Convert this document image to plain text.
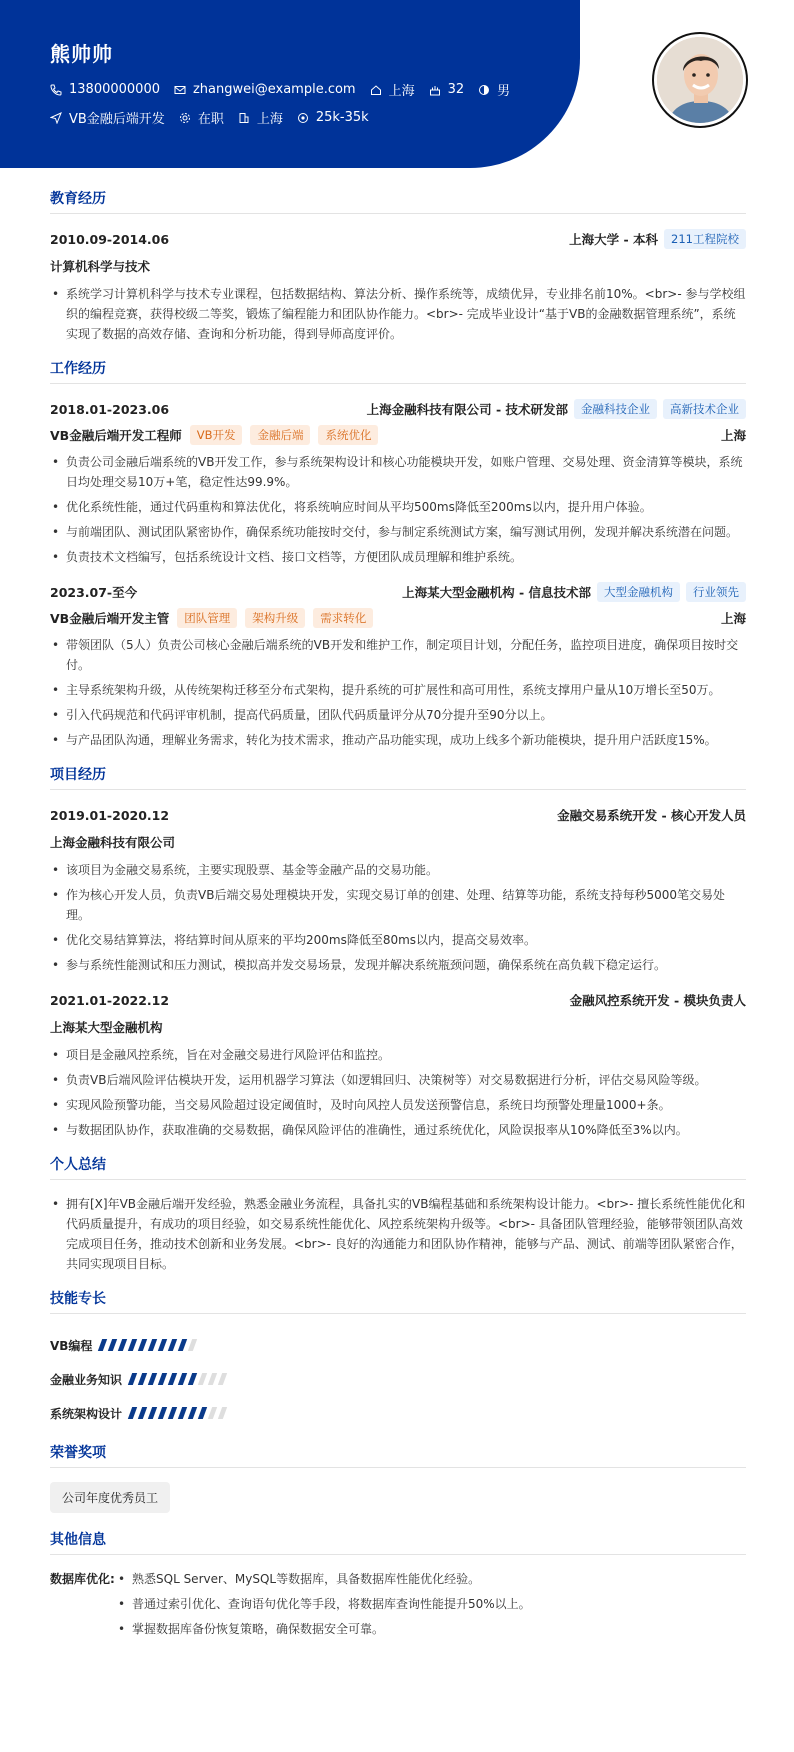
熊帅帅
13800000000	zhangwei@example.com	上海	32	男
VB金融后端开发	在职	上海	25k-35k
教育经历
2010.09-2014.06	上海大学 - 本科	211工程院校
计算机科学与技术
• 系统学习计算机科学与技术专业课程，包括数据结构、算法分析、操作系统等，成绩优异，专业排名前10%。<br>- 参与学校组织的编程竞赛，获得校级二等奖，锻炼了编程能力和团队协作能力。<br>- 完成毕业设计“基于VB的金融数据管理系统”，系统实现了数据的高效存储、查询和分析功能，得到导师高度评价。
工作经历
2018.01-2023.06	上海金融科技有限公司 - 技术研发部	金融科技企业	高新技术企业
VB金融后端开发工程师	VB开发	金融后端	系统优化	上海
• 负责公司金融后端系统的VB开发工作，参与系统架构设计和核心功能模块开发，如账户管理、交易处理、资金清算等模块，系统日均处理交易10万+笔，稳定性达99.9%。
• 优化系统性能，通过代码重构和算法优化，将系统响应时间从平均500ms降低至200ms以内，提升用户体验。
• 与前端团队、测试团队紧密协作，确保系统功能按时交付，参与制定系统测试方案，编写测试用例，发现并解决系统潜在问题。
• 负责技术文档编写，包括系统设计文档、接口文档等，方便团队成员理解和维护系统。
2023.07-至今	上海某大型金融机构 - 信息技术部	大型金融机构	行业领先
VB金融后端开发主管	团队管理	架构升级	需求转化	上海
• 带领团队（5人）负责公司核心金融后端系统的VB开发和维护工作，制定项目计划，分配任务，监控项目进度，确保项目按时交付。
• 主导系统架构升级，从传统架构迁移至分布式架构，提升系统的可扩展性和高可用性，系统支撑用户量从10万增长至50万。
• 引入代码规范和代码评审机制，提高代码质量，团队代码质量评分从70分提升至90分以上。
• 与产品团队沟通，理解业务需求，转化为技术需求，推动产品功能实现，成功上线多个新功能模块，提升用户活跃度15%。
项目经历
2019.01-2020.12	金融交易系统开发 - 核心开发人员
上海金融科技有限公司
• 该项目为金融交易系统，主要实现股票、基金等金融产品的交易功能。
• 作为核心开发人员，负责VB后端交易处理模块开发，实现交易订单的创建、处理、结算等功能，系统支持每秒5000笔交易处理。
• 优化交易结算算法，将结算时间从原来的平均200ms降低至80ms以内，提高交易效率。
• 参与系统性能测试和压力测试，模拟高并发交易场景，发现并解决系统瓶颈问题，确保系统在高负载下稳定运行。
2021.01-2022.12	金融风控系统开发 - 模块负责人
上海某大型金融机构
• 项目是金融风控系统，旨在对金融交易进行风险评估和监控。
• 负责VB后端风险评估模块开发，运用机器学习算法（如逻辑回归、决策树等）对交易数据进行分析，评估交易风险等级。
• 实现风险预警功能，当交易风险超过设定阈值时，及时向风控人员发送预警信息，系统日均预警处理量1000+条。
• 与数据团队协作，获取准确的交易数据，确保风险评估的准确性，通过系统优化，风险误报率从10%降低至3%以内。
个人总结
• 拥有[X]年VB金融后端开发经验，熟悉金融业务流程，具备扎实的VB编程基础和系统架构设计能力。<br>- 擅长系统性能优化和代码质量提升，有成功的项目经验，如交易系统性能优化、风控系统架构升级等。<br>- 具备团队管理经验，能够带领团队高效完成项目任务，推动技术创新和业务发展。<br>- 良好的沟通能力和团队协作精神，能够与产品、测试、前端等团队紧密合作，共同实现项目目标。
技能专长
VB编程
金融业务知识
系统架构设计
荣誉奖项
公司年度优秀员工
其他信息
数据库优化:
•	熟悉SQL Server、MySQL等数据库，具备数据库性能优化经验。
• 普通过索引优化、查询语句优化等手段，将数据库查询性能提升50%以上。
• 掌握数据库备份恢复策略，确保数据安全可靠。
